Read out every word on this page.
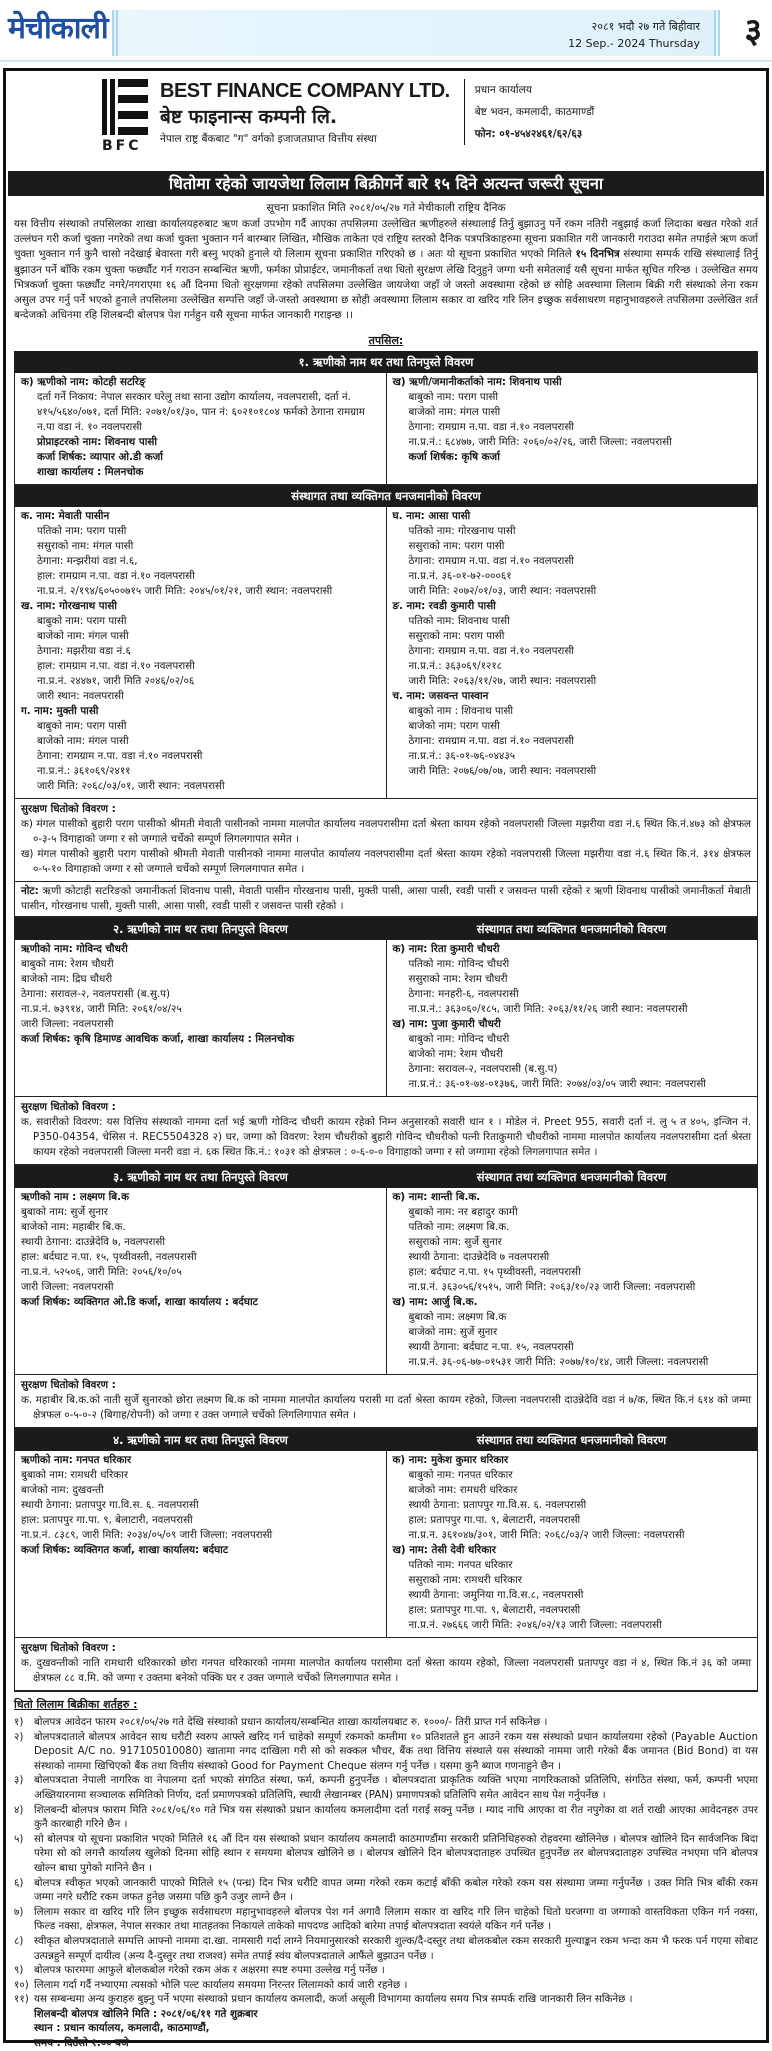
मेचीकाली	२०८१ भदौ २७ गते बिहीवार
12 Sep.- 2024 Thursday ३
BFC
BEST FINANCE COMPANY LTD.
बेष्ट फाइनान्स कम्पनी लि.
नेपाल राष्ट्र बैंकबाट "ग" वर्गको इजाजतप्राप्त वित्तीय संस्था
प्रधान कार्यालय
बेष्ट भवन, कमलादी, काठमाण्डौं
फोन: ०१-४५४२४६१/६२/६३
धितोमा रहेको जायजेथा लिलाम बिक्रीगर्ने बारे १५ दिने अत्यन्त जरूरी सूचना
सूचना प्रकाशित मिति २०८१/०५/२७ गते मेचीकाली राष्ट्रिय दैनिक
यस वित्तीय संस्थाको तपसिलका शाखा कार्यालयहरुबाट ऋण कर्जा उपभोग गर्दै आएका तपसिलमा उल्लेखित ऋणीहरुले संस्थालाई तिर्नु बुझाउनु पर्ने रकम नतिरी नबुझाई कर्जा लिदाका बखत गरेको शर्त उल्लंघन गरी कर्जा चुक्ता नगरेको तथा कर्जा चुक्ता भुक्तान गर्न बारम्बार लिखित, मौखिक ताकेता एवं राष्ट्रिय स्तरको दैनिक पत्रपत्रिकाहरुमा सूचना प्रकाशित गरी जानकारी गराउदा समेत तपाईले ऋण कर्जा चुक्ता भुक्तान गर्न कुनै चासो नदेखाई बेवास्ता गरी बस्नु भएको हुनाले यो लिलाम सूचना प्रकाशित गरिएको छ । अतः यो सूचना प्रकाशित भएको मितिले १५ दिनभित्र संस्थामा सम्पर्क राखि संस्थालाई तिर्नु बुझाउन पर्ने बाँकि रकम चुक्ता फर्छ्यौट गर्न गराउन सम्बन्धित ऋणी, फर्मका प्रोप्राईटर, जमानीकर्ता तथा धितो सुरक्षण लेखि दिनुहुने जग्गा धनी समेतलाई यसै सूचना मार्फत सूचित गरिन्छ । उल्लेखित समय भित्रकर्जा चुक्ता फर्छ्यौट नगरे/नगराएमा १६ औं दिनमा धितो सुरक्षणमा रहेको तपसिलमा उल्लेखित जायजेथा जहाँ जे जस्तो अवस्थामा रहेको छ सोहि अवस्थामा लिलाम बिक्री गरी संस्थाको लेना रकम असुल उपर गर्नु पर्ने भएको हुनाले तपसिलमा उल्लेखित सम्पत्ति जहाँ जे-जस्तो अवस्थामा छ सोही अवस्थामा लिलाम सकार वा खरिद गरि लिन इच्छुक सर्वसाधरण महानुभावहरुले तपसिलमा उल्लेखित शर्त बन्देजको अधिनमा रहि शिलबन्दी बोलपत्र पेश गर्नहुन यसै सूचना मार्फत जानकारी गराइन्छ ।।
तपसिल:
१. ऋणीको नाम थर तथा तिनपुस्ते विवरण
क) ऋणीको नाम: कोटही सटरिङ्
दर्ता गर्ने निकाय: नेपाल सरकार घरेलु तथा साना उद्योग कार्यालय, नवलपरासी, दर्ता नं. ४१५/५६४०/०७१, दर्ता मिति: २०७१/०१/३०, पान नं: ६०२१०१८०४ फर्मको ठेगाना रामग्राम न.पा वडा नं. १० नवलपरासी
प्रोप्राइटरको नाम: शिवनाथ पासी
कर्जा शिर्षक: व्यापार ओ.डी कर्जा
शाखा कार्यालय : मिलनचोक
ख) ऋणी/जमानीकर्ताको नाम: शिवनाथ पासी
बाबुको नाम: पराग पासी
बाजेको नाम: मंगल पासी
ठेगाना: रामग्राम न.पा. वडा नं.१० नवलपरासी
ना.प्र.नं.: ६८४७७, जारी मिति: २०६०/०२/२६, जारी जिल्ला: नवलपरासी
कर्जा शिर्षक: कृषि कर्जा
संस्थागत तथा व्यक्तिगत धनजमानीको विवरण
क. नाम: मेवाती पासीन
पतिको नाम: पराग पासी
ससुराको नाम: मंगल पासी
ठेगाना: मन्झरीयां वडा नं.६,
हाल: रामग्राम न.पा. वडा नं.१० नवलपरासी
ना.प्र.नं. २/१९४/६०५००७१५ जारी मिति: २०४५/०१/२१, जारी स्थान: नवलपरासी
ख. नाम: गोरखनाथ पासी
बाबुको नाम: पराग पासी
बाजेको नाम: मंगल पासी
ठेगाना: मझरीया वडा नं.६
हाल: रामग्राम न.पा. वडा नं.१० नवलपरासी
ना.प्र.नं. २४४७१, जारी मिति २०४६/०२/०६
जारी स्थान: नवलपरासी
ग. नाम: मुक्ती पासी
बाबुको नाम: पराग पासी
बाजेको नाम: मंगल पासी
ठेगाना: रामग्राम न.पा. वडा नं.१० नवलपरासी
ना.प्र.नं.: ३६१०६९/२४११
जारी मिति: २०६८/०३/०१, जारी स्थान: नवलपरासी
घ. नाम: आसा पासी
पतिको नाम: गोरखनाथ पासी
ससुराको नाम: पराग पासी
ठेगाना: रामग्राम न.पा. वडा नं.१० नवलपरासी
ना.प्र.नं. ३६-०१-७२-०००६१
जारी मिति: २०७२/०१/०३, जारी स्थान: नवलपरासी
ङ. नाम: रवडी कुमारी पासी
पतिको नाम: शिवनाथ पासी
ससुराको नाम: पराग पासी
ठेगाना: रामग्राम न.पा. वडा नं.१० नवलपरासी
ना.प्र.नं.: ३६३०६९/१२१८
जारी मिति: २०६३/११/२७, जारी स्थान: नवलपरासी
च. नाम: जसवन्त पास्वान
बाबुको नाम : शिवनाथ पासी
बाजेको नाम: पराग पासी
ठेगाना: रामग्राम न.पा. वडा नं.१० नवलपरासी
ना.प्र.नं.: ३६-०१-७६-०४४३५
जारी मिति: २०७६/०७/०७, जारी स्थान: नवलपरासी
सुरक्षण धितोको विवरण :
क) मंगल पासीको बुहारी पराग पासीको श्रीमती मेवाती पासीनको नाममा मालपोत कार्यालय नवलपरासीमा दर्ता श्रेस्ता कायम रहेको नवलपरासी जिल्ला मझरीया वडा नं.६ स्थित कि.नं.४७३ को क्षेत्रफल ०-३-५ विगाहाको जग्गा र सो जग्गाले चर्चेको सम्पूर्ण लिगलगापात समेत ।
ख) मंगल पासीको बुहारी पराग पासीको श्रीमती मेवाती पासीनको नाममा मालपोत कार्यालय नवलपरासीमा दर्ता श्रेस्ता कायम रहेको नवलपरासी जिल्ला मझरीया वडा नं.६ स्थित कि.नं. ३१४ क्षेत्रफल ०-५-१० विगाहाको जग्गा र सो जग्गाले चर्चेको सम्पूर्ण लिगलगापात समेत ।
नोट: ऋणी कोटाही सटरिङको जमानीकर्ता शिवनाथ पासी, मेवाती पासीन गोरखनाथ पासी, मुक्ती पासी, आसा पासी, रवडी पासी र जसवन्त पासी रहेको र ऋणी शिवनाथ पासीको जमानीकर्ता मेबाती पासीन, गोरखनाथ पासी, मुक्ती पासी, आसा पासी, रवडी पासी र जसवन्त पासी रहेको ।
२. ऋणीको नाम थर तथा तिनपुस्ते विवरण	संस्थागत तथा व्यक्तिगत धनजमानीको विवरण
ऋणीको नाम: गोविन्द चौधरी
बाबुको नाम: रेशम चौधरी
बाजेको नाम: द्रिघ चौधरी
ठेगाना: सरावल-२, नवलपरासी (ब.सु.प)
ना.प्र.नं. ७३९१४, जारी मिति: २०६१/०४/२५
जारी जिल्ला: नवलपरासी
कर्जा शिर्षक: कृषि डिमाण्ड आवधिक कर्जा, शाखा कार्यालय : मिलनचोक
क) नाम: रिता कुमारी चौधरी
पतिको नाम: गोविन्द चौधरी
ससुराको नाम: रेशम चौधरी
ठेगाना: मनहरी-६, नवलपरासी
ना.प्र.नं.: ३६३०६०/१८५, जारी मिति: २०६३/११/२६ जारी स्थान: नवलपरासी
ख) नाम: पुजा कुमारी चौधरी
बाबुको नाम: गोविन्द चौधरी
बाजेको नाम: रेशम चौधरी
ठेगाना: सरावल-२, नवलपरासी (ब.सु.प)
ना.प्र.नं.: ३६-०१-७४-०१३७६, जारी मिति: २०७४/०३/०५ जारी स्थान: नवलपरासी
सुरक्षण धितोको विवरण :
क. सवारीको विवरण: यस वित्तिय संस्थाको नाममा दर्ता भई ऋणी गोविन्द चौधरी कायम रहेको निम्न अनुसारको सवारी थान १ । मोडेल नं. Preet 955, सवारी दर्ता नं. लु ५ त ४०५, इन्जिन नं. P350-04354, चेसिस नं. REC5504328 २) घर, जग्गा को विवरण: रेशम चौधरीको बुहारी गोविन्द चौधरीको पत्नी रिताकुमारी चौधरीको नाममा मालपोत कार्यालय नवलपरासीमा दर्ता श्रेस्ता कायम रहेको नवलपरासी जिल्ला मनरी वडा नं. ६क स्थित कि.नं.: १०३१ को क्षेत्रफल : ०-६-०-० विगाहाको जग्गा र सो जग्गामा रहेको लिगलगापात समेत ।
३. ऋणीको नाम थर तथा तिनपुस्ते विवरण	संस्थागत तथा व्यक्तिगत धनजमानीको विवरण
ऋणीको नाम : लक्ष्मण बि.क
बुबाको नाम: सुर्जे सुनार
बाजेको नाम: महाबीर बि.क.
स्थायी ठेगाना: दाउन्नेदेवि ७, नवलपरासी
हाल: बर्दघाट न.पा. १५, पृथ्वीवस्ती, नवलपरासी
ना.प्र.नं. ५२५०६, जारी मिति: २०५६/१०/०५
जारी जिल्ला: नवलपरासी
कर्जा शिर्षक: व्यक्तिगत ओ.डि कर्जा, शाखा कार्यालय : बर्दघाट
क) नाम: शान्ती बि.क.
बुबाको नाम: नर बहादुर कामी
पतिको नाम: लक्ष्मण बि.क.
ससुराको नाम: सुर्जे सुनार
स्थायी ठेगाना: दाउन्नेदेवि ७ नवलपरासी
हाल: बर्दघाट न.पा. १५ पृथ्वीवस्ती, नवलपरासी
ना.प्र.नं. ३६३०५६/१५१५, जारी मिति: २०६३/१०/२३ जारी जिल्ला: नवलपरासी
ख) नाम: आर्जु बि.क.
बुबाको नाम: लक्ष्मण बि.क
बाजेको नाम: सुर्जे सुनार
स्थायी ठेगाना: बर्दघाट न.पा. १५, नवलपरासी
ना.प्र.नं. ३६-०६-७७-०१५३१ जारी मिति: २०७७/१०/१४, जारी जिल्ला: नवलपरासी
सुरक्षण धितोको विवरण :
क. महाबीर बि.क.को नाती सुर्जे सुनारको छोरा लक्ष्मण बि.क को नाममा मालपोत कार्यालय परासी मा दर्ता श्रेस्ता कायम रहेको, जिल्ला नवलपरासी दाउन्नेदेवि वडा नं ७/क, स्थित कि.नं ६१४ को जम्मा क्षेत्रफल ०-५-०-२ (बिगाह/रोपनी) को जग्गा र उक्त जग्गाले चर्चेको लिगलिगापात समेत ।
४. ऋणीको नाम थर तथा तिनपुस्ते विवरण	संस्थागत तथा व्यक्तिगत धनजमानीको विवरण
ऋणीको नाम: गनपत धरिकार
बुबाको नाम: रामधरी धरिकार
बाजेको नाम: दुखवन्ती
स्थायी ठेगाना: प्रतापपुर गा.वि.स. ६. नवलपरासी
हाल: प्रतापपुर गा.पा. ९, बेलाटारी, नवलपरासी
ना.प्र.नं. ८३८९, जारी मिति: २०३४/०५/०९ जारी जिल्ला: नवलपरासी
कर्जा शिर्षक: व्यक्तिगत कर्जा, शाखा कार्यालय: बर्दघाट
क) नाम: मुकेश कुमार धरिकार
बाबुको नाम: गनपत धरिकार
बाजेको नाम: रामधरी धरिकार
स्थायी ठेगाना: प्रतापपुर गा.वि.स. ६. नवलपरासी
हाल: प्रतापपुर गा.पा. ९, बेलाटारी, नवलपरासी
ना.प्र.न. ३६१०४७/३०१, जारी मिति: २०६८/०३/२ जारी जिल्ला: नवलपरासी
ख) नाम: तेसी देवी धरिकार
पतिको नाम: गनपत धरिकार
ससुराको नाम: रामधरी धरिकार
स्थायी ठेगाना: जमुनिया गा.वि.स.८, नवलपरासी
हाल: प्रतापपुर गा.पा. ९, बेलाटारी, नवलपरासी
ना.प्र.नं. २७६६६ जारी मिति: २०४६/०२/१३ जारी जिल्ला: नवलपरासी
सुरक्षण धितोको विवरण :
क. दुखवन्तीको नाति रामधारी धरिकारको छोरा गनपत धरिकारको नाममा मालपोत कार्यालय परासीमा दर्ता श्रेस्ता कायम रहेको, जिल्ला नवलपरासी प्रतापपुर वडा नं ४, स्थित कि.नं ३६ को जम्मा क्षेत्रफल ८८ व.मि. को जग्गा र उक्तमा बनेको पक्कि घर र उक्त जग्गाले चर्चेको लिगलगापात समेत ।
धितो लिलाम बिक्रीका शर्तहरु :
१)	बोलपत्र आवेदन फारम २०८१/०५/२७ गते देखि संस्थाको प्रधान कार्यालय/सम्बन्धित शाखा कार्यालयबाट रु. १०००/- तिरी प्राप्त गर्न सकिनेछ ।
२)	बोलपत्रदाताले बोलपत्र आवेदन साथ धरौटी स्वरुप आफ्ले खरिद गर्न चाहेको सम्पूर्ण रकमको कम्तीमा १० प्रतिशतले हुन आउने रकम यस संस्थाको प्रधान कार्यालयमा रहेको (Payable Auction Deposit A/C no. 917105010080) खातामा नगद दाखिला गरी सो को सक्कल भौचर, बैंक तथा वित्तिय संस्थाले यस संस्थाको नाममा जारी गरेको बैंक जमानत (Bid Bond) वा यस संस्थाको नाममा खिचिएको बैंक तथा वित्तीय संस्थाको Good for Payment Cheque संलग्न गर्नु पर्नेछ । यसमा कुनै ब्याज गणनाहुने छैन ।
३)	बोलपत्रदाता नेपाली नागरिक वा नेपालमा दर्ता भएको संगठित संस्था, फर्म, कम्पनी हुनुपर्नेछ । बोलपत्रदाता प्राकृतिक व्यक्ति भएमा नागरिकताको प्रतिलिपि, संगठित संस्था, फर्म, कम्पनी भएमा अख्तियारनामा सञ्चालक समितिको निर्णय, दर्ता प्रमाणपत्रको प्रतिलिपि, स्थायी लेखानम्बर (PAN) प्रमाणपत्रको प्रतिलिपि समेत आवेदन साथ पेश गर्नुपर्नेछ ।
४)	शिलबन्दी बोलपत्र फाराम मिति २०८१/०६/१० गते भित्र यस संस्थाको प्रधान कार्यालय कमलादीमा दर्ता गराई सक्नु पर्नेछ । म्याद नाघि आएका वा रीत नपुगेका वा शर्त राखी आएका आवेदनहरु उपर कुनै कारबाही गरिने छैन ।
५)	सो बोलपत्र यो सूचना प्रकाशित भएको मितिले १६ औं दिन यस संस्थाको प्रधान कार्यालय कमलादी काठमाण्डौंमा सरकारी प्रतिनिधिहरुको रोहवरमा खोलिनेछ । बोलपत्र खोलिने दिन सार्वजनिक बिदा परेमा सो को लगत्तै कार्यालय खुलेको दिनमा सोहि स्थान र समयमा बोलपत्र खोलिने छ । बोलपत्र खोलिने दिन बोलपत्रदाताहरु उपस्थित हुनुपर्नेछ तर बोलपत्रदाताहरु उपस्थित नभएमा पनि बोलपत्र खोल्न बाधा पुगेको मानिने छैन ।
६)	बोलपत्र स्वीकृत भएको जानकारी पाएको मितिले १५ (पन्ध्र) दिन भित्र धरौटि वापत जम्मा गरेको रकम कटाई बाँकी कबोल गरेको रकम यस संस्थामा जम्मा गर्नुपर्नेछ । उक्त मिति भित्र बाँकी रकम जम्मा नगरे धरौटि रकम जफत हुनेछ जसमा पछि कुनै उजुर लाग्ने छैन ।
७)	लिलाम सकार वा खरिद गरि लिन इच्छुक सर्वसाधरण महानुभावहरुले बोलपत्र पेश गर्न अगावै लिलाम सकार वा खरिद गरि लिन चाहेको धितो घरजग्गा वा जग्गाको वास्तविकता एकिन गर्न नक्सा, फिल्ड नक्सा, क्षेत्रफल, नेपाल सरकार तथा मातहतका निकायले ताकेको मापदण्ड आदिको बारेमा तपाई बोलपत्रदाता स्वयंले यकिन गर्न पर्नेछ ।
८)	स्वीकृत बोलपत्रदाताले सम्पत्ति आफ्नो नाममा दा.खा. नामसारी गर्दा लाग्ने नियमानुसारको सरकारी शुल्क/दै-दस्तुर तथा बोलकबोल रकम सरकारी मुल्याङ्कन रकम भन्दा कम भै फरक पर्न गएमा सोबाट उत्पन्नहुने सम्पूर्ण दायीत्व (अन्य दै-दुस्तुर तथा राजश्व) समेत तपाई स्वंय बोलपत्रदाताले आफैंले बुझाउन पर्नेछ ।
९)	बोलपत्र फारममा आफुले बोलकबोल गरेको रकम अंक र अक्षरमा स्पष्ट रुपमा उल्लेख गर्नु पर्नेछ ।
१०) लिलाम गर्दा गर्दै नभ्याएमा त्यसको भोलि पल्ट कार्यालय समयमा निरन्तर लिलामको कार्य जारी रहनेछ ।
११) यस सम्बन्धमा अन्य कुराहरु बुझ्नु पर्ने भएमा संस्थाको प्रधान कार्यालय कमलादी, कर्जा असूली विभागमा कार्यालय समय भित्र सम्पर्क राखि जानकारी लिन सकिनेछ ।
शिलबन्दी बोलपत्र खोलिने मिति : २०८१/०६/११ गते शुक्रबार
स्थान : प्रधान कार्यालय, कमलादी, काठमाण्डौं,
समय : दिउँसो १:०० बजे
